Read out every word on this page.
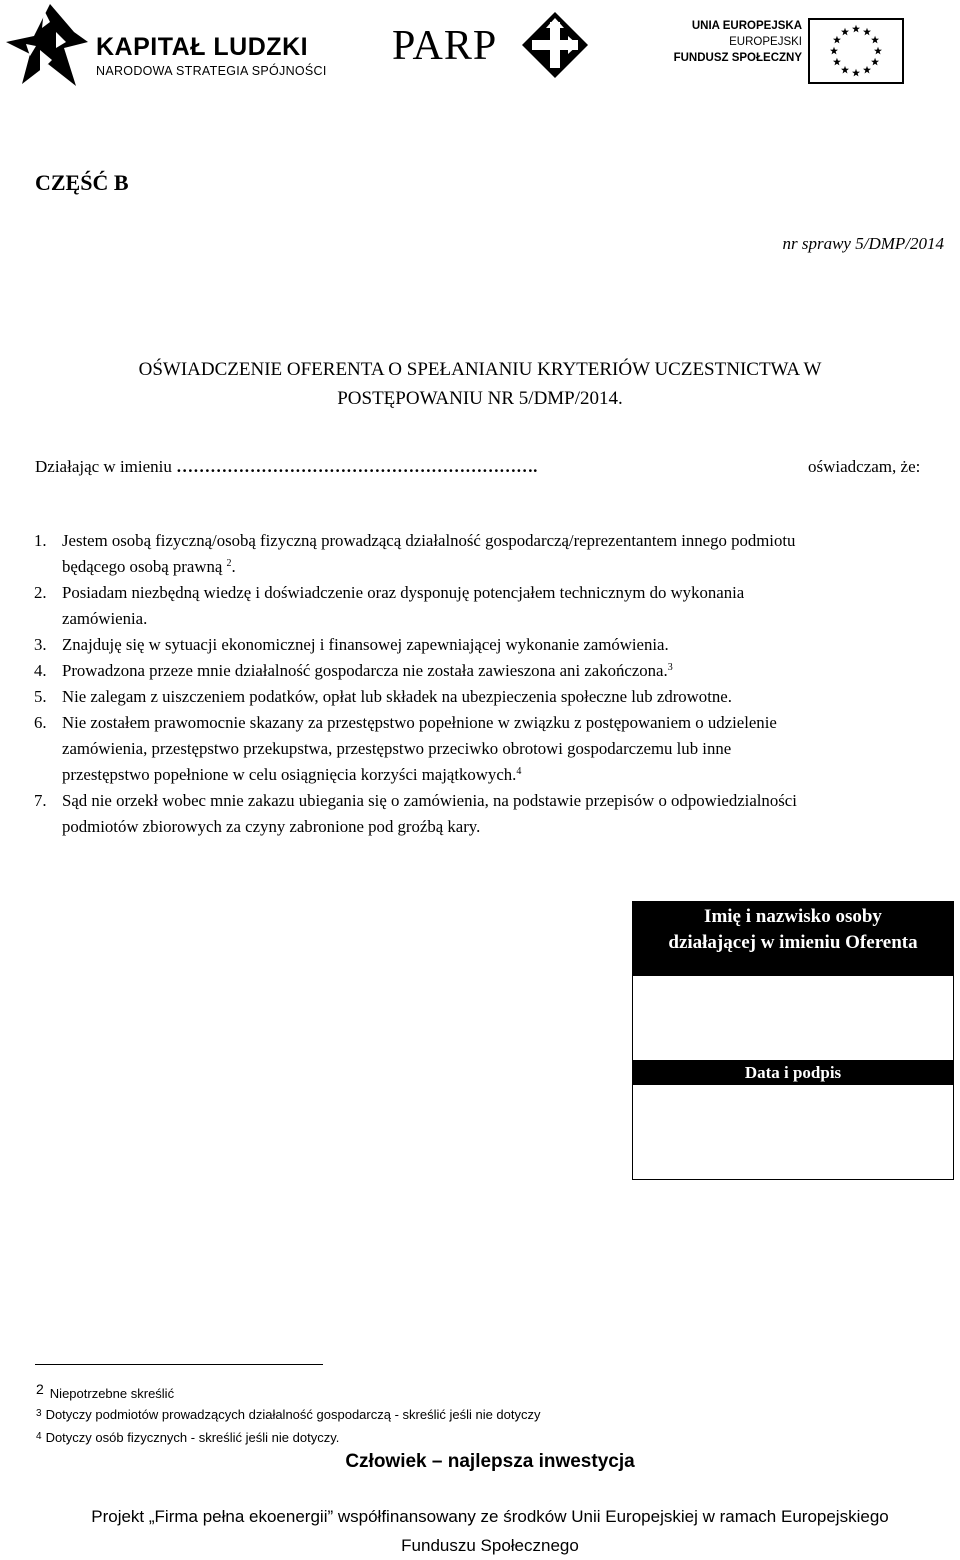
KAPITAŁ LUDZKI
NARODOWA STRATEGIA SPÓJNOŚCI
PARP	UNIA EUROPEJSKA
EUROPEJSKI
FUNDUSZ SPOŁECZNY
CZĘŚĆ B
nr sprawy 5/DMP/2014
OŚWIADCZENIE OFERENTA O SPEŁANIANIU KRYTERIÓW UCZESTNICTWA W
POSTĘPOWANIU NR 5/DMP/2014.
Działając w imieniu ……………………………………………………….	oświadczam, że:
1. Jestem osobą fizyczną/osobą fizyczną prowadzącą działalność gospodarczą/reprezentantem innego podmiotu
będącego osobą prawną $^2$.
2. Posiadam niezbędną wiedzę i doświadczenie oraz dysponuję potencjałem technicznym do wykonania
zamówienia.
3. Znajduję się w sytuacji ekonomicznej i finansowej zapewniającej wykonanie zamówienia.
4. Prowadzona przeze mnie działalność gospodarcza nie została zawieszona ani zakończona.$^3$
5. Nie zalegam z uiszczeniem podatków, opłat lub składek na ubezpieczenia społeczne lub zdrowotne.
6. Nie zostałem prawomocnie skazany za przestępstwo popełnione w związku z postępowaniem o udzielenie
zamówienia, przestępstwo przekupstwa, przestępstwo przeciwko obrotowi gospodarczemu lub inne
przestępstwo popełnione w celu osiągnięcia korzyści majątkowych.$^4$
7. Sąd nie orzekł wobec mnie zakazu ubiegania się o zamówienia, na podstawie przepisów o odpowiedzialności
podmiotów zbiorowych za czyny zabronione pod groźbą kary.
Imię i nazwisko osoby
działającej w imieniu Oferenta
Data i podpis
2 Niepotrzebne skreślić
$^3$ Dotyczy podmiotów prowadzących działalność gospodarczą - skreślić jeśli nie dotyczy
$^4$ Dotyczy osób fizycznych - skreślić jeśli nie dotyczy.
Człowiek – najlepsza inwestycja
Projekt „Firma pełna ekoenergii” współfinansowany ze środków Unii Europejskiej w ramach Europejskiego
Funduszu Społecznego
